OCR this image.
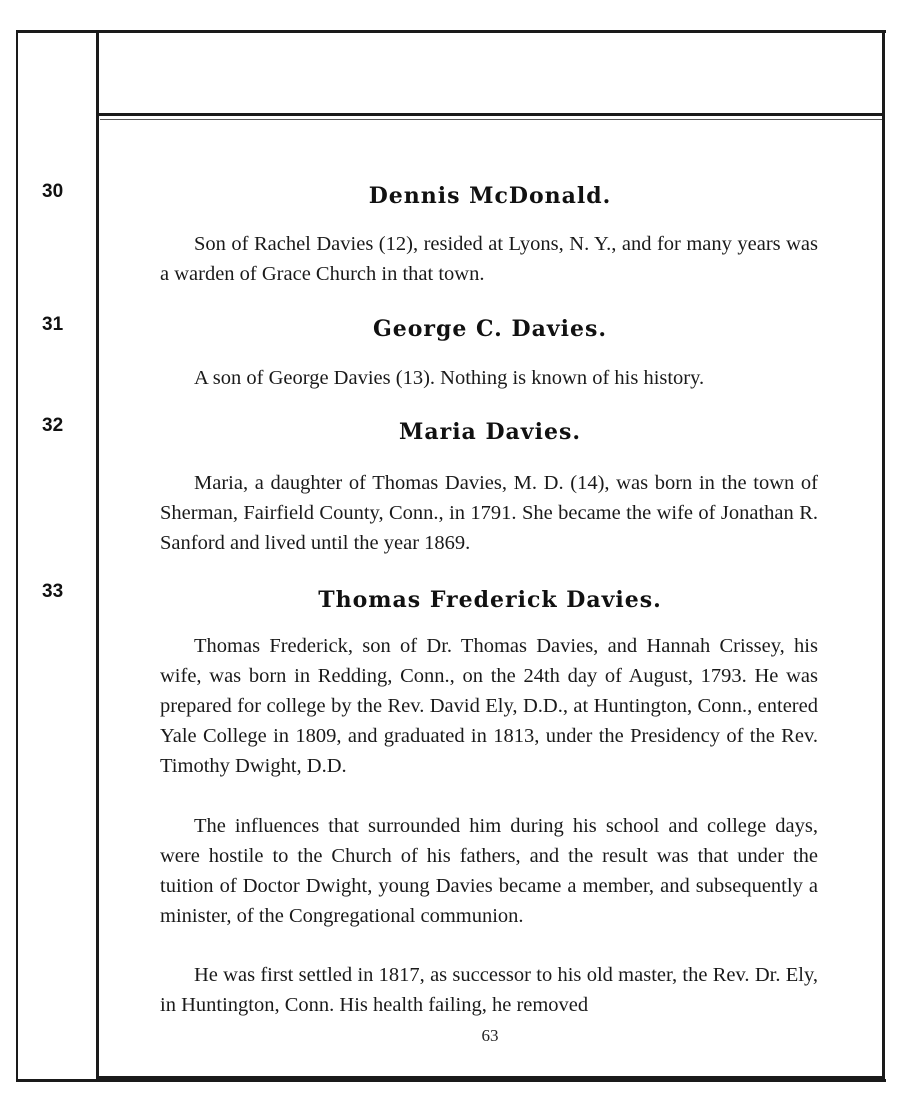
30	Dennis McDonald.

Son of Rachel Davies (12), resided at Lyons, N. Y., and for many years was a warden of Grace Church in that town.

31	George C. Davies.

A son of George Davies (13). Nothing is known of his history.

32	Maria Davies.

Maria, a daughter of Thomas Davies, M. D. (14), was born in the town of Sherman, Fairfield County, Conn., in 1791. She became the wife of Jonathan R. Sanford and lived until the year 1869.

33	Thomas Frederick Davies.

Thomas Frederick, son of Dr. Thomas Davies, and Hannah Crissey, his wife, was born in Redding, Conn., on the 24th day of August, 1793. He was prepared for college by the Rev. David Ely, D.D., at Huntington, Conn., entered Yale College in 1809, and graduated in 1813, under the Presidency of the Rev. Timothy Dwight, D.D.

The influences that surrounded him during his school and college days, were hostile to the Church of his fathers, and the result was that under the tuition of Doctor Dwight, young Davies became a member, and subsequently a minister, of the Congregational communion.

He was first settled in 1817, as successor to his old master, the Rev. Dr. Ely, in Huntington, Conn. His health failing, he removed

63
